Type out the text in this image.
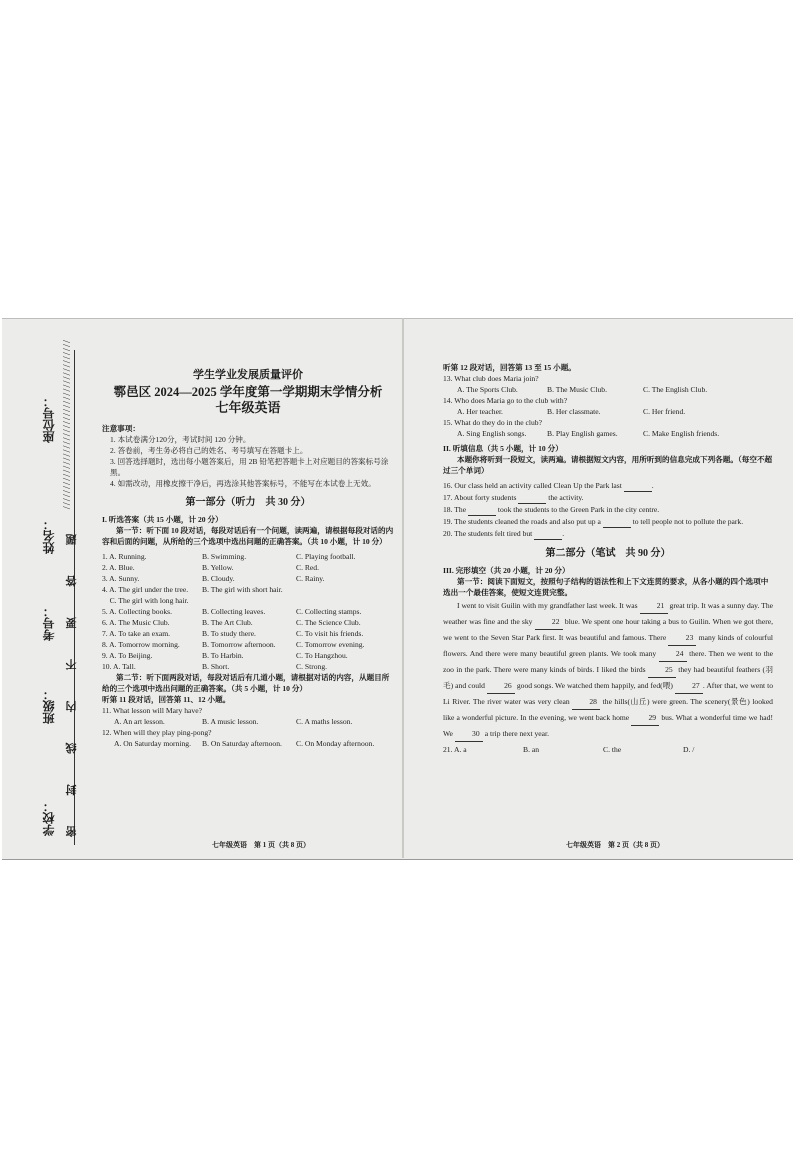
//////////////////////////////////////////
座位号：
姓名：
考号：
班级：
学校： 密 封 线 内 不 要 答 题
学生学业发展质量评价
鄠邑区 2024—2025 学年度第一学期期末学情分析
七年级英语
注意事项：
1. 本试卷满分120分，考试时间 120 分钟。
2. 答卷前，考生务必将自己的姓名、考号填写在答题卡上。
3. 回答选择题时，选出每小题答案后，用 2B 铅笔把答题卡上对应题目的答案标号涂黑。
4. 如需改动，用橡皮擦干净后，再选涂其他答案标号，不能写在本试卷上无效。
第一部分（听力　共 30 分）
I. 听选答案（共 15 小题，计 20 分）
第一节：听下面 10 段对话，每段对话后有一个问题，读两遍，请根据每段对话的内容和后面的问题，从所给的三个选项中选出问题的正确答案。（共 10 小题，计 10 分）
1. A. Running.	B. Swimming.	C. Playing football.
2. A. Blue.	B. Yellow.	C. Red.
3. A. Sunny.	B. Cloudy.	C. Rainy.
4. A. The girl under the tree.	B. The girl with short hair.
　C. The girl with long hair.
5. A. Collecting books.	B. Collecting leaves.	C. Collecting stamps.
6. A. The Music Club.	B. The Art Club.	C. The Science Club.
7. A. To take an exam.	B. To study there.	C. To visit his friends.
8. A. Tomorrow morning.	B. Tomorrow afternoon.	C. Tomorrow evening.
9. A. To Beijing.	B. To Harbin.	C. To Hangzhou.
10. A. Tall.	B. Short.	C. Strong.
第二节：听下面两段对话，每段对话后有几道小题，请根据对话的内容，从题目所给的三个选项中选出问题的正确答案。（共 5 小题，计 10 分）
听第 11 段对话，回答第 11、12 小题。
11. What lesson will Mary have?
A. An art lesson.	B. A music lesson.	C. A maths lesson.
12. When will they play ping-pong?
A. On Saturday morning.	B. On Saturday afternoon.	C. On Monday afternoon.
七年级英语　第 1 页（共 8 页）
听第 12 段对话，回答第 13 至 15 小题。
13. What club does Maria join?
A. The Sports Club.	B. The Music Club.	C. The English Club.
14. Who does Maria go to the club with?
A. Her teacher.	B. Her classmate.	C. Her friend.
15. What do they do in the club?
A. Sing English songs.	B. Play English games.	C. Make English friends.
II. 听填信息（共 5 小题，计 10 分）
本题你将听到一段短文，读两遍。请根据短文内容，用所听到的信息完成下列各题。（每空不超过三个单词）
16. Our class held an activity called Clean Up the Park last	.
17. About forty students	the activity.
18. The	took the students to the Green Park in the city centre.
19. The students cleaned the roads and also put up a	to tell people not to pollute the park.
20. The students felt tired but	.
第二部分（笔试　共 90 分）
III. 完形填空（共 20 小题，计 20 分）
第一节：阅读下面短文，按照句子结构的语法性和上下文连贯的要求，从各小题的四个选项中选出一个最佳答案，使短文连贯完整。
I went to visit Guilin with my grandfather last week. It was 21 great trip. It was a sunny day. The weather was fine and the sky 22 blue. We spent one hour taking a bus to Guilin. When we got there, we went to the Seven Star Park first. It was beautiful and famous. There 23 many kinds of colourful flowers. And there were many beautiful green plants. We took many 24 there. Then we went to the zoo in the park. There were many kinds of birds. I liked the birds 25 they had beautiful feathers (羽毛) and could 26 good songs. We watched them happily, and fed(喂) 27 . After that, we went to Li River. The river water was very clean 28 the hills(山丘) were green. The scenery(景色) looked like a wonderful picture. In the evening, we went back home 29 bus. What a wonderful time we had! We 30 a trip there next year.
21. A. a	B. an	C. the	D. /
七年级英语　第 2 页（共 8 页）
